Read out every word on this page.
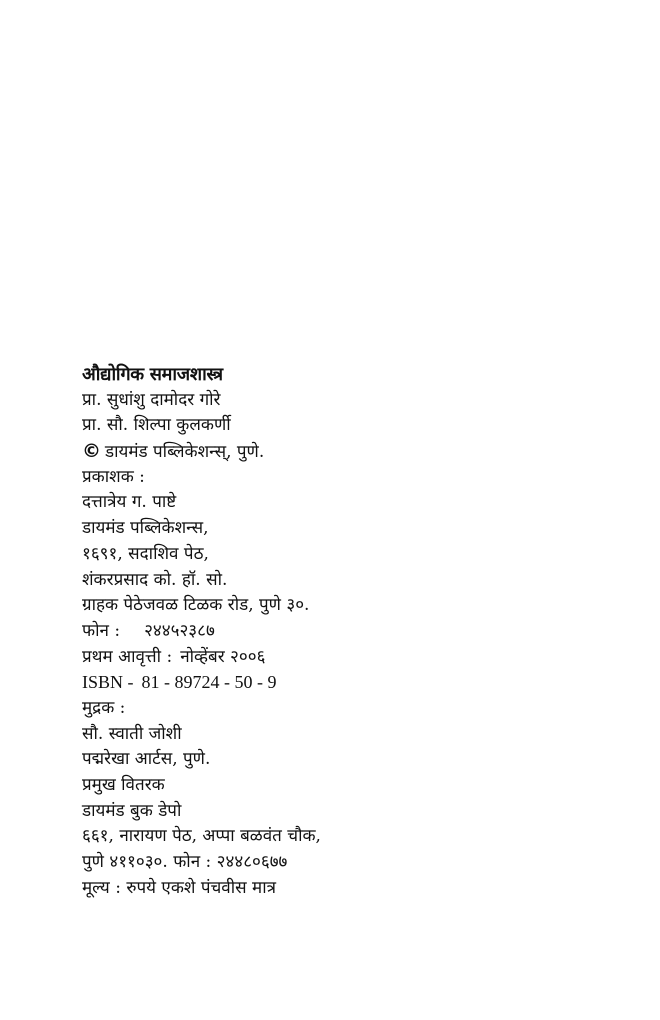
औद्योगिक समाजशास्त्र
प्रा. सुधांशु दामोदर गोरे
प्रा. सौ. शिल्पा कुलकर्णी
© डायमंड पब्लिकेशन्स्, पुणे.
प्रकाशक :
दत्तात्रेय ग. पाष्टे
डायमंड पब्लिकेशन्स,
१६९१, सदाशिव पेठ,
शंकरप्रसाद को. हॉ. सो.
ग्राहक पेठेजवळ टिळक रोड, पुणे ३०.
फोन : २४४५२३८७
प्रथम आवृत्ती : नोव्हेंबर २००६
ISBN - 81 - 89724 - 50 - 9
मुद्रक :
सौ. स्वाती जोशी
पद्मरेखा आर्टस, पुणे.
प्रमुख वितरक
डायमंड बुक डेपो
६६१, नारायण पेठ, अप्पा बळवंत चौक,
पुणे ४११०३०. फोन : २४४८०६७७
मूल्य : रुपये एकशे पंचवीस मात्र
